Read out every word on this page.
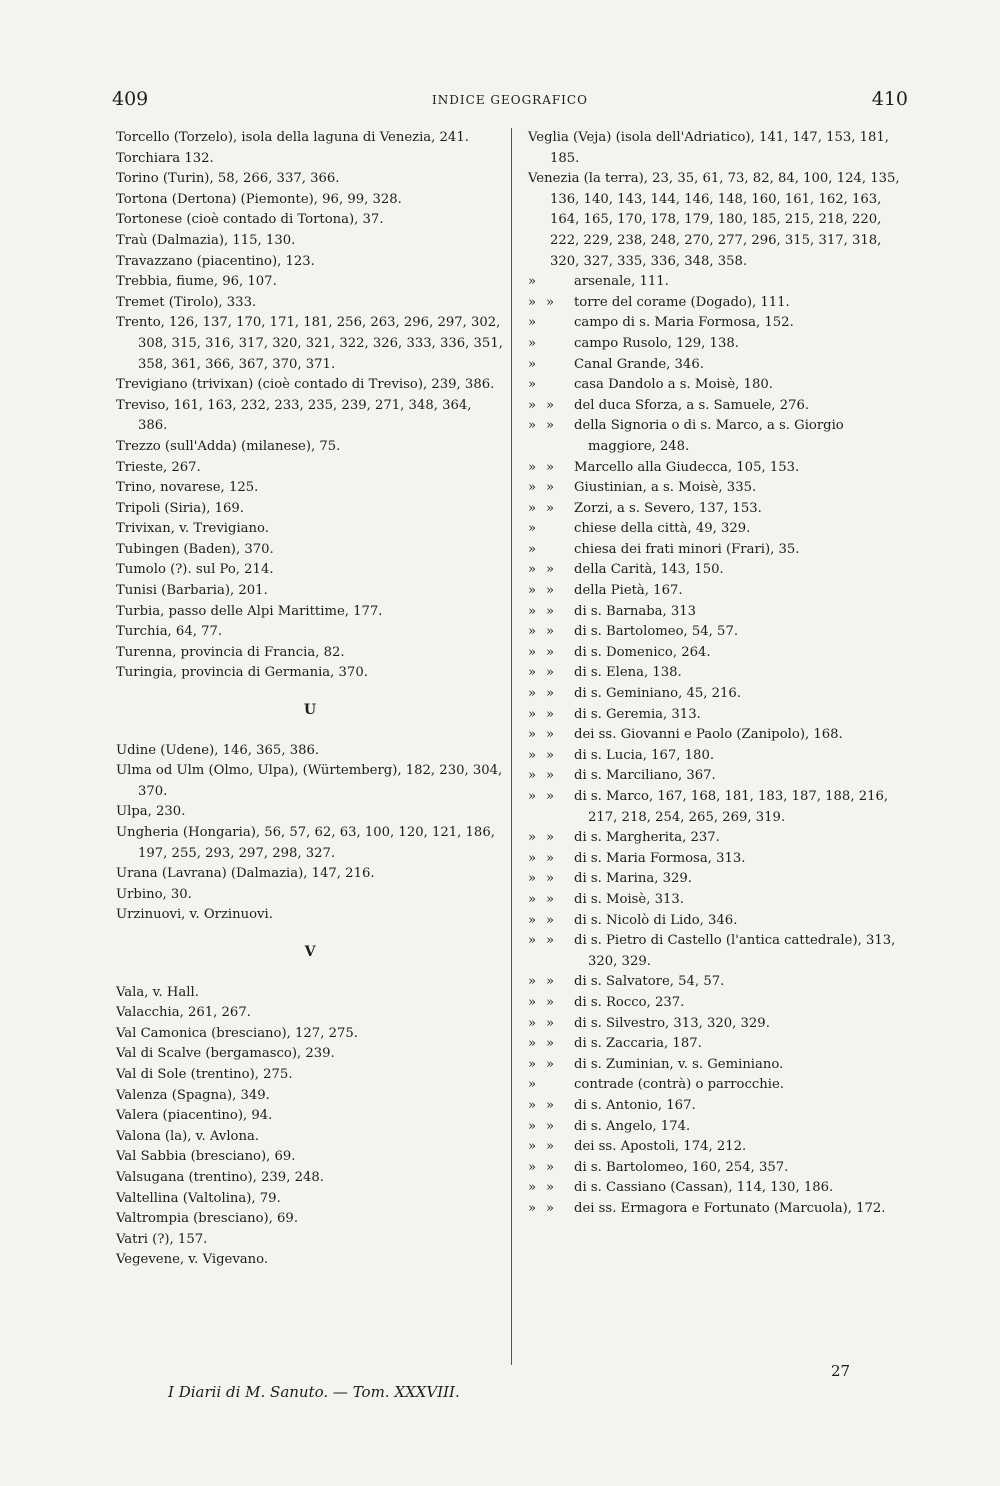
409	INDICE GEOGRAFICO	410

Torcello (Torzelo), isola della laguna di Venezia, 241.

Torchiara 132.

Torino (Turin), 58, 266, 337, 366.

Tortona (Dertona) (Piemonte), 96, 99, 328.

Tortonese (cioè contado di Tortona), 37.

Traù (Dalmazia), 115, 130.

Travazzano (piacentino), 123.

Trebbia, fiume, 96, 107.

Tremet (Tirolo), 333.

Trento, 126, 137, 170, 171, 181, 256, 263, 296, 297, 302, 308, 315, 316, 317, 320, 321, 322, 326, 333, 336, 351, 358, 361, 366, 367, 370, 371.

Trevigiano (trivixan) (cioè contado di Treviso), 239, 386.

Treviso, 161, 163, 232, 233, 235, 239, 271, 348, 364, 386.

Trezzo (sull'Adda) (milanese), 75.

Trieste, 267.

Trino, novarese, 125.

Tripoli (Siria), 169.

Trivixan, v. Trevigiano.

Tubingen (Baden), 370.

Tumolo (?). sul Po, 214.

Tunisi (Barbaria), 201.

Turbia, passo delle Alpi Marittime, 177.

Turchia, 64, 77.

Turenna, provincia di Francia, 82.

Turingia, provincia di Germania, 370.

U

Udine (Udene), 146, 365, 386.

Ulma od Ulm (Olmo, Ulpa), (Würtemberg), 182, 230, 304, 370.

Ulpa, 230.

Ungheria (Hongaria), 56, 57, 62, 63, 100, 120, 121, 186, 197, 255, 293, 297, 298, 327.

Urana (Lavrana) (Dalmazia), 147, 216.

Urbino, 30.

Urzinuovi, v. Orzinuovi.

V

Vala, v. Hall.

Valacchia, 261, 267.

Val Camonica (bresciano), 127, 275.

Val di Scalve (bergamasco), 239.

Val di Sole (trentino), 275.

Valenza (Spagna), 349.

Valera (piacentino), 94.

Valona (la), v. Avlona.

Val Sabbia (bresciano), 69.

Valsugana (trentino), 239, 248.

Valtellina (Valtolina), 79.

Valtrompia (bresciano), 69.

Vatri (?), 157.

Vegevene, v. Vigevano.

Veglia (Veja) (isola dell'Adriatico), 141, 147, 153, 181, 185.

Venezia (la terra), 23, 35, 61, 73, 82, 84, 100, 124, 135, 136, 140, 143, 144, 146, 148, 160, 161, 162, 163, 164, 165, 170, 178, 179, 180, 185, 215, 218, 220, 222, 229, 238, 248, 270, 277, 296, 315, 317, 318, 320, 327, 335, 336, 348, 358.

»	arsenale, 111.
» »	torre del corame (Dogado), 111.
»	campo di s. Maria Formosa, 152.
»	campo Rusolo, 129, 138.
»	Canal Grande, 346.
»	casa Dandolo a s. Moisè, 180.
» »	del duca Sforza, a s. Samuele, 276.
» »	della Signoria o di s. Marco, a s. Giorgio maggiore, 248.
» »	Marcello alla Giudecca, 105, 153.
» »	Giustinian, a s. Moisè, 335.
» »	Zorzi, a s. Severo, 137, 153.
»	chiese della città, 49, 329.
»	chiesa dei frati minori (Frari), 35.
» »	della Carità, 143, 150.
» »	della Pietà, 167.
» »	di s. Barnaba, 313
» »	di s. Bartolomeo, 54, 57.
» »	di s. Domenico, 264.
» »	di s. Elena, 138.
» »	di s. Geminiano, 45, 216.
» »	di s. Geremia, 313.
» »	dei ss. Giovanni e Paolo (Zanipolo), 168.
» »	di s. Lucia, 167, 180.
» »	di s. Marciliano, 367.
» »	di s. Marco, 167, 168, 181, 183, 187, 188, 216, 217, 218, 254, 265, 269, 319.
» »	di s. Margherita, 237.
» »	di s. Maria Formosa, 313.
» »	di s. Marina, 329.
» »	di s. Moisè, 313.
» »	di s. Nicolò di Lido, 346.
» »	di s. Pietro di Castello (l'antica cattedrale), 313, 320, 329.
» »	di s. Salvatore, 54, 57.
» »	di s. Rocco, 237.
» »	di s. Silvestro, 313, 320, 329.
» »	di s. Zaccaria, 187.
» »	di s. Zuminian, v. s. Geminiano.
»	contrade (contrà) o parrocchie.
» »	di s. Antonio, 167.
» »	di s. Angelo, 174.
» »	dei ss. Apostoli, 174, 212.
» »	di s. Bartolomeo, 160, 254, 357.
» »	di s. Cassiano (Cassan), 114, 130, 186.
» »	dei ss. Ermagora e Fortunato (Marcuola), 172.
27
I Diarii di M. Sanuto. — Tom. XXXVIII.
